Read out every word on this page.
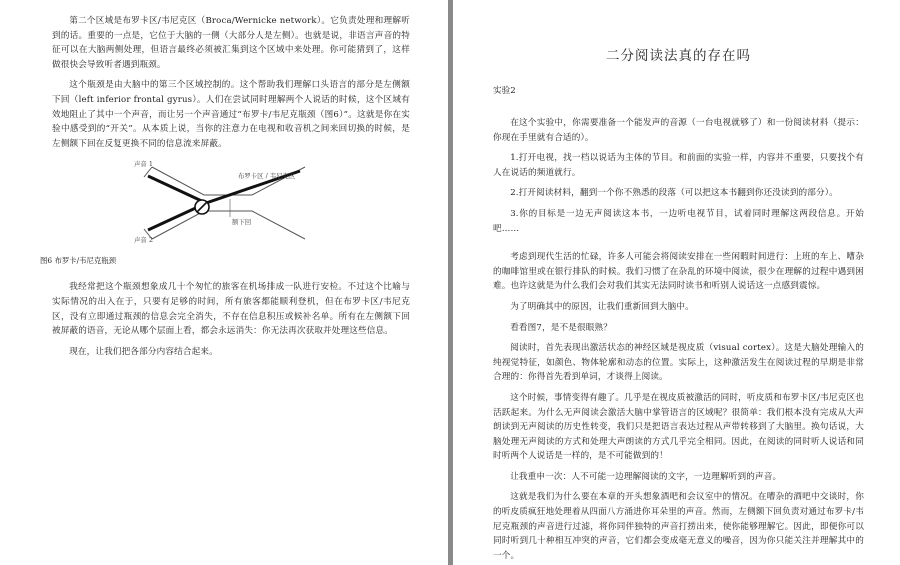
第二个区域是布罗卡区/韦尼克区（Broca/Wernicke network）。它负责处理和理解听到的话。重要的一点是，它位于大脑的一侧（大部分人是左侧）。也就是说，非语言声音的特征可以在大脑两侧处理，但语言最终必须被汇集到这个区域中来处理。你可能猜到了，这样做很快会导致听者遇到瓶颈。

这个瓶颈是由大脑中的第三个区域控制的。这个帮助我们理解口头语言的部分是左侧额下回（left inferior frontal gyrus）。人们在尝试同时理解两个人说话的时候，这个区域有效地阻止了其中一个声音，而让另一个声音通过“布罗卡/韦尼克瓶颈（图6）”。这就是你在实验中感受到的“开关”。从本质上说，当你的注意力在电视和收音机之间来回切换的时候，是左侧额下回在反复更换不同的信息流来屏蔽。

声音 1
声音 2
布罗卡区 / 韦尼克区
额下回
图6 布罗卡/韦尼克瓶颈

我经常把这个瓶颈想象成几十个匆忙的旅客在机场排成一队进行安检。不过这个比喻与实际情况的出入在于，只要有足够的时间，所有旅客都能顺利登机，但在布罗卡区/韦尼克区，没有立即通过瓶颈的信息会完全消失，不存在信息积压或候补名单。所有在左侧额下回被屏蔽的语音，无论从哪个层面上看，都会永远消失：你无法再次获取并处理这些信息。

现在，让我们把各部分内容结合起来。

二分阅读法真的存在吗
实验2

在这个实验中，你需要准备一个能发声的音源（一台电视就够了）和一份阅读材料（提示：你现在手里就有合适的）。

1.打开电视，找一档以说话为主体的节目。和前面的实验一样，内容并不重要，只要找个有人在说话的频道就行。

2.打开阅读材料，翻到一个你不熟悉的段落（可以把这本书翻到你还没读到的部分）。

3.你的目标是一边无声阅读这本书，一边听电视节目，试着同时理解这两段信息。开始吧……

考虑到现代生活的忙碌，许多人可能会将阅读安排在一些闲暇时间进行：上班的车上、嘈杂的咖啡馆里或在银行排队的时候。我们习惯了在杂乱的环境中阅读，很少在理解的过程中遇到困难。也许这就是为什么我们会对我们其实无法同时读书和听别人说话这一点感到震惊。

为了明确其中的原因，让我们重新回到大脑中。

看看图7，是不是很眼熟？

阅读时，首先表现出激活状态的神经区域是视皮质（visual cortex）。这是大脑处理输入的纯视觉特征，如颜色、物体轮廓和动态的位置。实际上，这种激活发生在阅读过程的早期是非常合理的：你得首先看到单词，才谈得上阅读。

这个时候，事情变得有趣了。几乎是在视皮质被激活的同时，听皮质和布罗卡区/韦尼克区也活跃起来。为什么无声阅读会激活大脑中掌管语言的区域呢？很简单：我们根本没有完成从大声朗读到无声阅读的历史性转变，我们只是把语言表达过程从声带转移到了大脑里。换句话说，大脑处理无声阅读的方式和处理大声朗读的方式几乎完全相同。因此，在阅读的同时听人说话和同时听两个人说话是一样的，是不可能做到的！

让我重申一次：人不可能一边理解阅读的文字，一边理解听到的声音。

这就是我们为什么要在本章的开头想象酒吧和会议室中的情况。在嘈杂的酒吧中交谈时，你的听皮质疯狂地处理着从四面八方涌进你耳朵里的声音。然而，左侧额下回负责对通过布罗卡/韦尼克瓶颈的声音进行过滤，将你同伴独特的声音打捞出来，使你能够理解它。因此，即便你可以同时听到几十种相互冲突的声音，它们都会变成毫无意义的噪音，因为你只能关注并理解其中的一个。
